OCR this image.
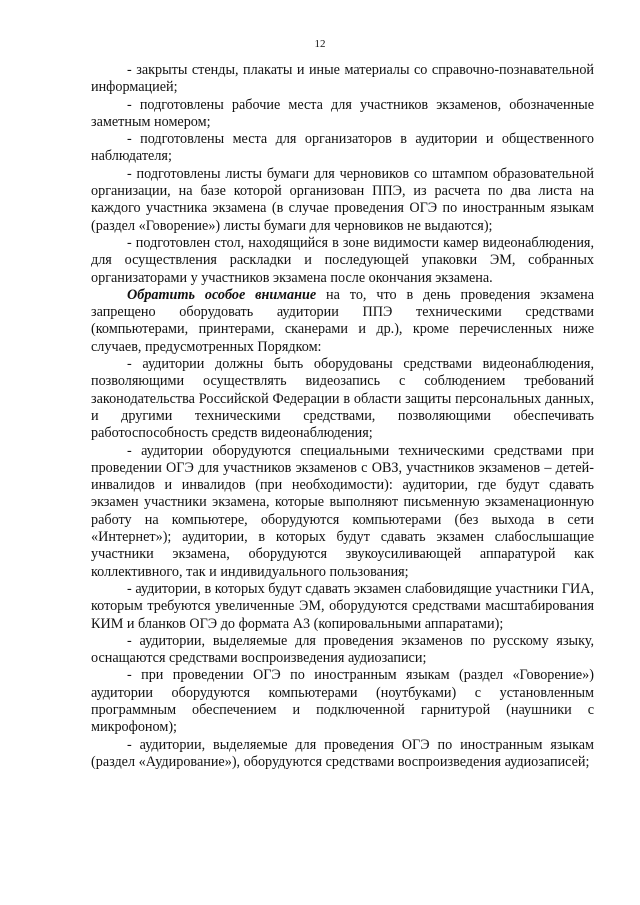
12

- закрыты стенды, плакаты и иные материалы со справочно-познавательной информацией;

- подготовлены рабочие места для участников экзаменов, обозначенные заметным номером;

- подготовлены места для организаторов в аудитории и общественного наблюдателя;

- подготовлены листы бумаги для черновиков со штампом образовательной организации, на базе которой организован ППЭ, из расчета по два листа на каждого участника экзамена (в случае проведения ОГЭ по иностранным языкам (раздел «Говорение») листы бумаги для черновиков не выдаются);

- подготовлен стол, находящийся в зоне видимости камер видеонаблюдения, для осуществления раскладки и последующей упаковки ЭМ, собранных организаторами у участников экзамена после окончания экзамена.

Обратить особое внимание на то, что в день проведения экзамена запрещено оборудовать аудитории ППЭ техническими средствами (компьютерами, принтерами, сканерами и др.), кроме перечисленных ниже случаев, предусмотренных Порядком:

- аудитории должны быть оборудованы средствами видеонаблюдения, позволяющими осуществлять видеозапись с соблюдением требований законодательства Российской Федерации в области защиты персональных данных, и другими техническими средствами, позволяющими обеспечивать работоспособность средств видеонаблюдения;

- аудитории оборудуются специальными техническими средствами при проведении ОГЭ для участников экзаменов с ОВЗ, участников экзаменов – детей-инвалидов и инвалидов (при необходимости): аудитории, где будут сдавать экзамен участники экзамена, которые выполняют письменную экзаменационную работу на компьютере, оборудуются компьютерами (без выхода в сети «Интернет»); аудитории, в которых будут сдавать экзамен слабослышащие участники экзамена, оборудуются звукоусиливающей аппаратурой как коллективного, так и индивидуального пользования;

- аудитории, в которых будут сдавать экзамен слабовидящие участники ГИА, которым требуются увеличенные ЭМ, оборудуются средствами масштабирования КИМ и бланков ОГЭ до формата А3 (копировальными аппаратами);

- аудитории, выделяемые для проведения экзаменов по русскому языку, оснащаются средствами воспроизведения аудиозаписи;

- при проведении ОГЭ по иностранным языкам (раздел «Говорение») аудитории оборудуются компьютерами (ноутбуками) с установленным программным обеспечением и подключенной гарнитурой (наушники с микрофоном);

- аудитории, выделяемые для проведения ОГЭ по иностранным языкам (раздел «Аудирование»), оборудуются средствами воспроизведения аудиозаписей;
